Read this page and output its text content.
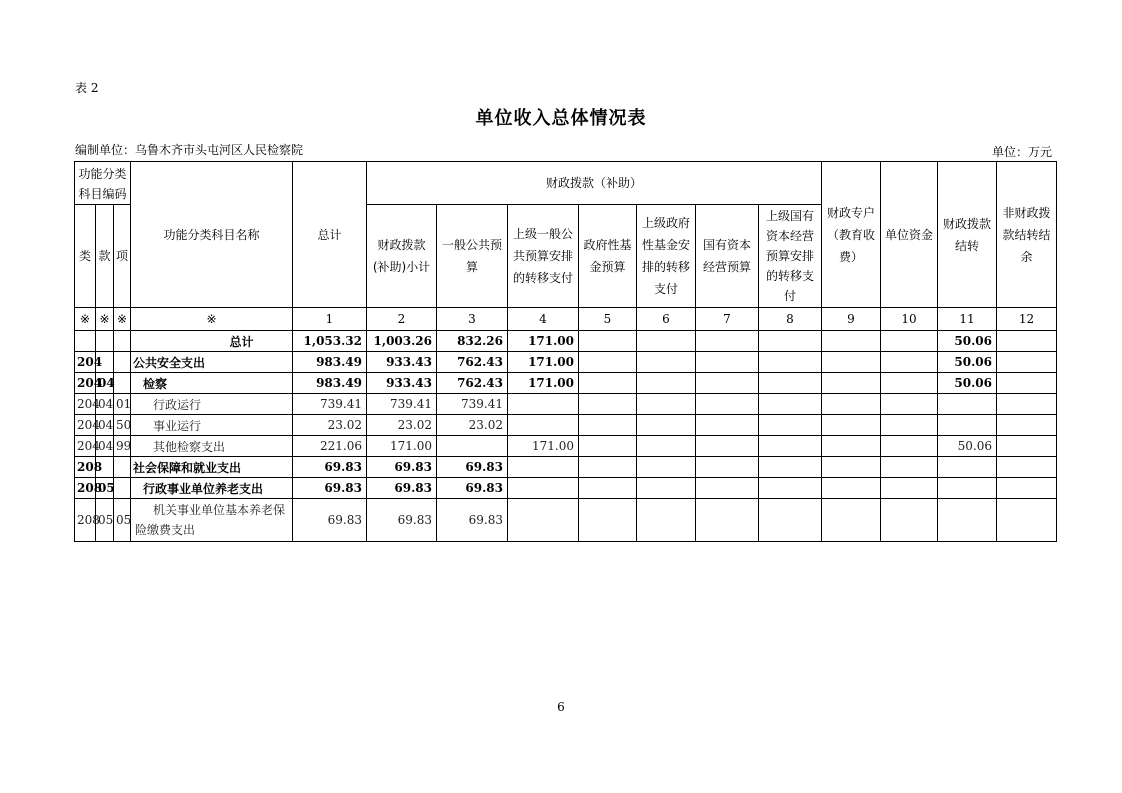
表 2
单位收入总体情况表
编制单位：乌鲁木齐市头屯河区人民检察院	单位：万元
功能分类科目编码			功能分类科目名称	总计	财政拨款（补助）							财政专户（教育收费）	单位资金	财政拨款结转	非财政拨款结转结余

类	款	项			财政拨款(补助)小计	一般公共预算	上级一般公共预算安排的转移支付	政府性基金预算	上级政府性基金安排的转移支付	国有资本经营预算	上级国有资本经营预算安排的转移支付				

※	※	※	※	1	2	3	4	5	6	7	8	9	10	11	12
			总计	1,053.32	1,003.26	832.26	171.00							50.06	
204			公共安全支出	983.49	933.43	762.43	171.00							50.06	
204	04		检察	983.49	933.43	762.43	171.00							50.06	
204	04	01	行政运行	739.41	739.41	739.41									
204	04	50	事业运行	23.02	23.02	23.02									
204	04	99	其他检察支出	221.06	171.00		171.00							50.06	
208			社会保障和就业支出	69.83	69.83	69.83									
208	05		行政事业单位养老支出	69.83	69.83	69.83									
208	05	05	机关事业单位基本养老保险缴费支出	69.83	69.83	69.83									
6
